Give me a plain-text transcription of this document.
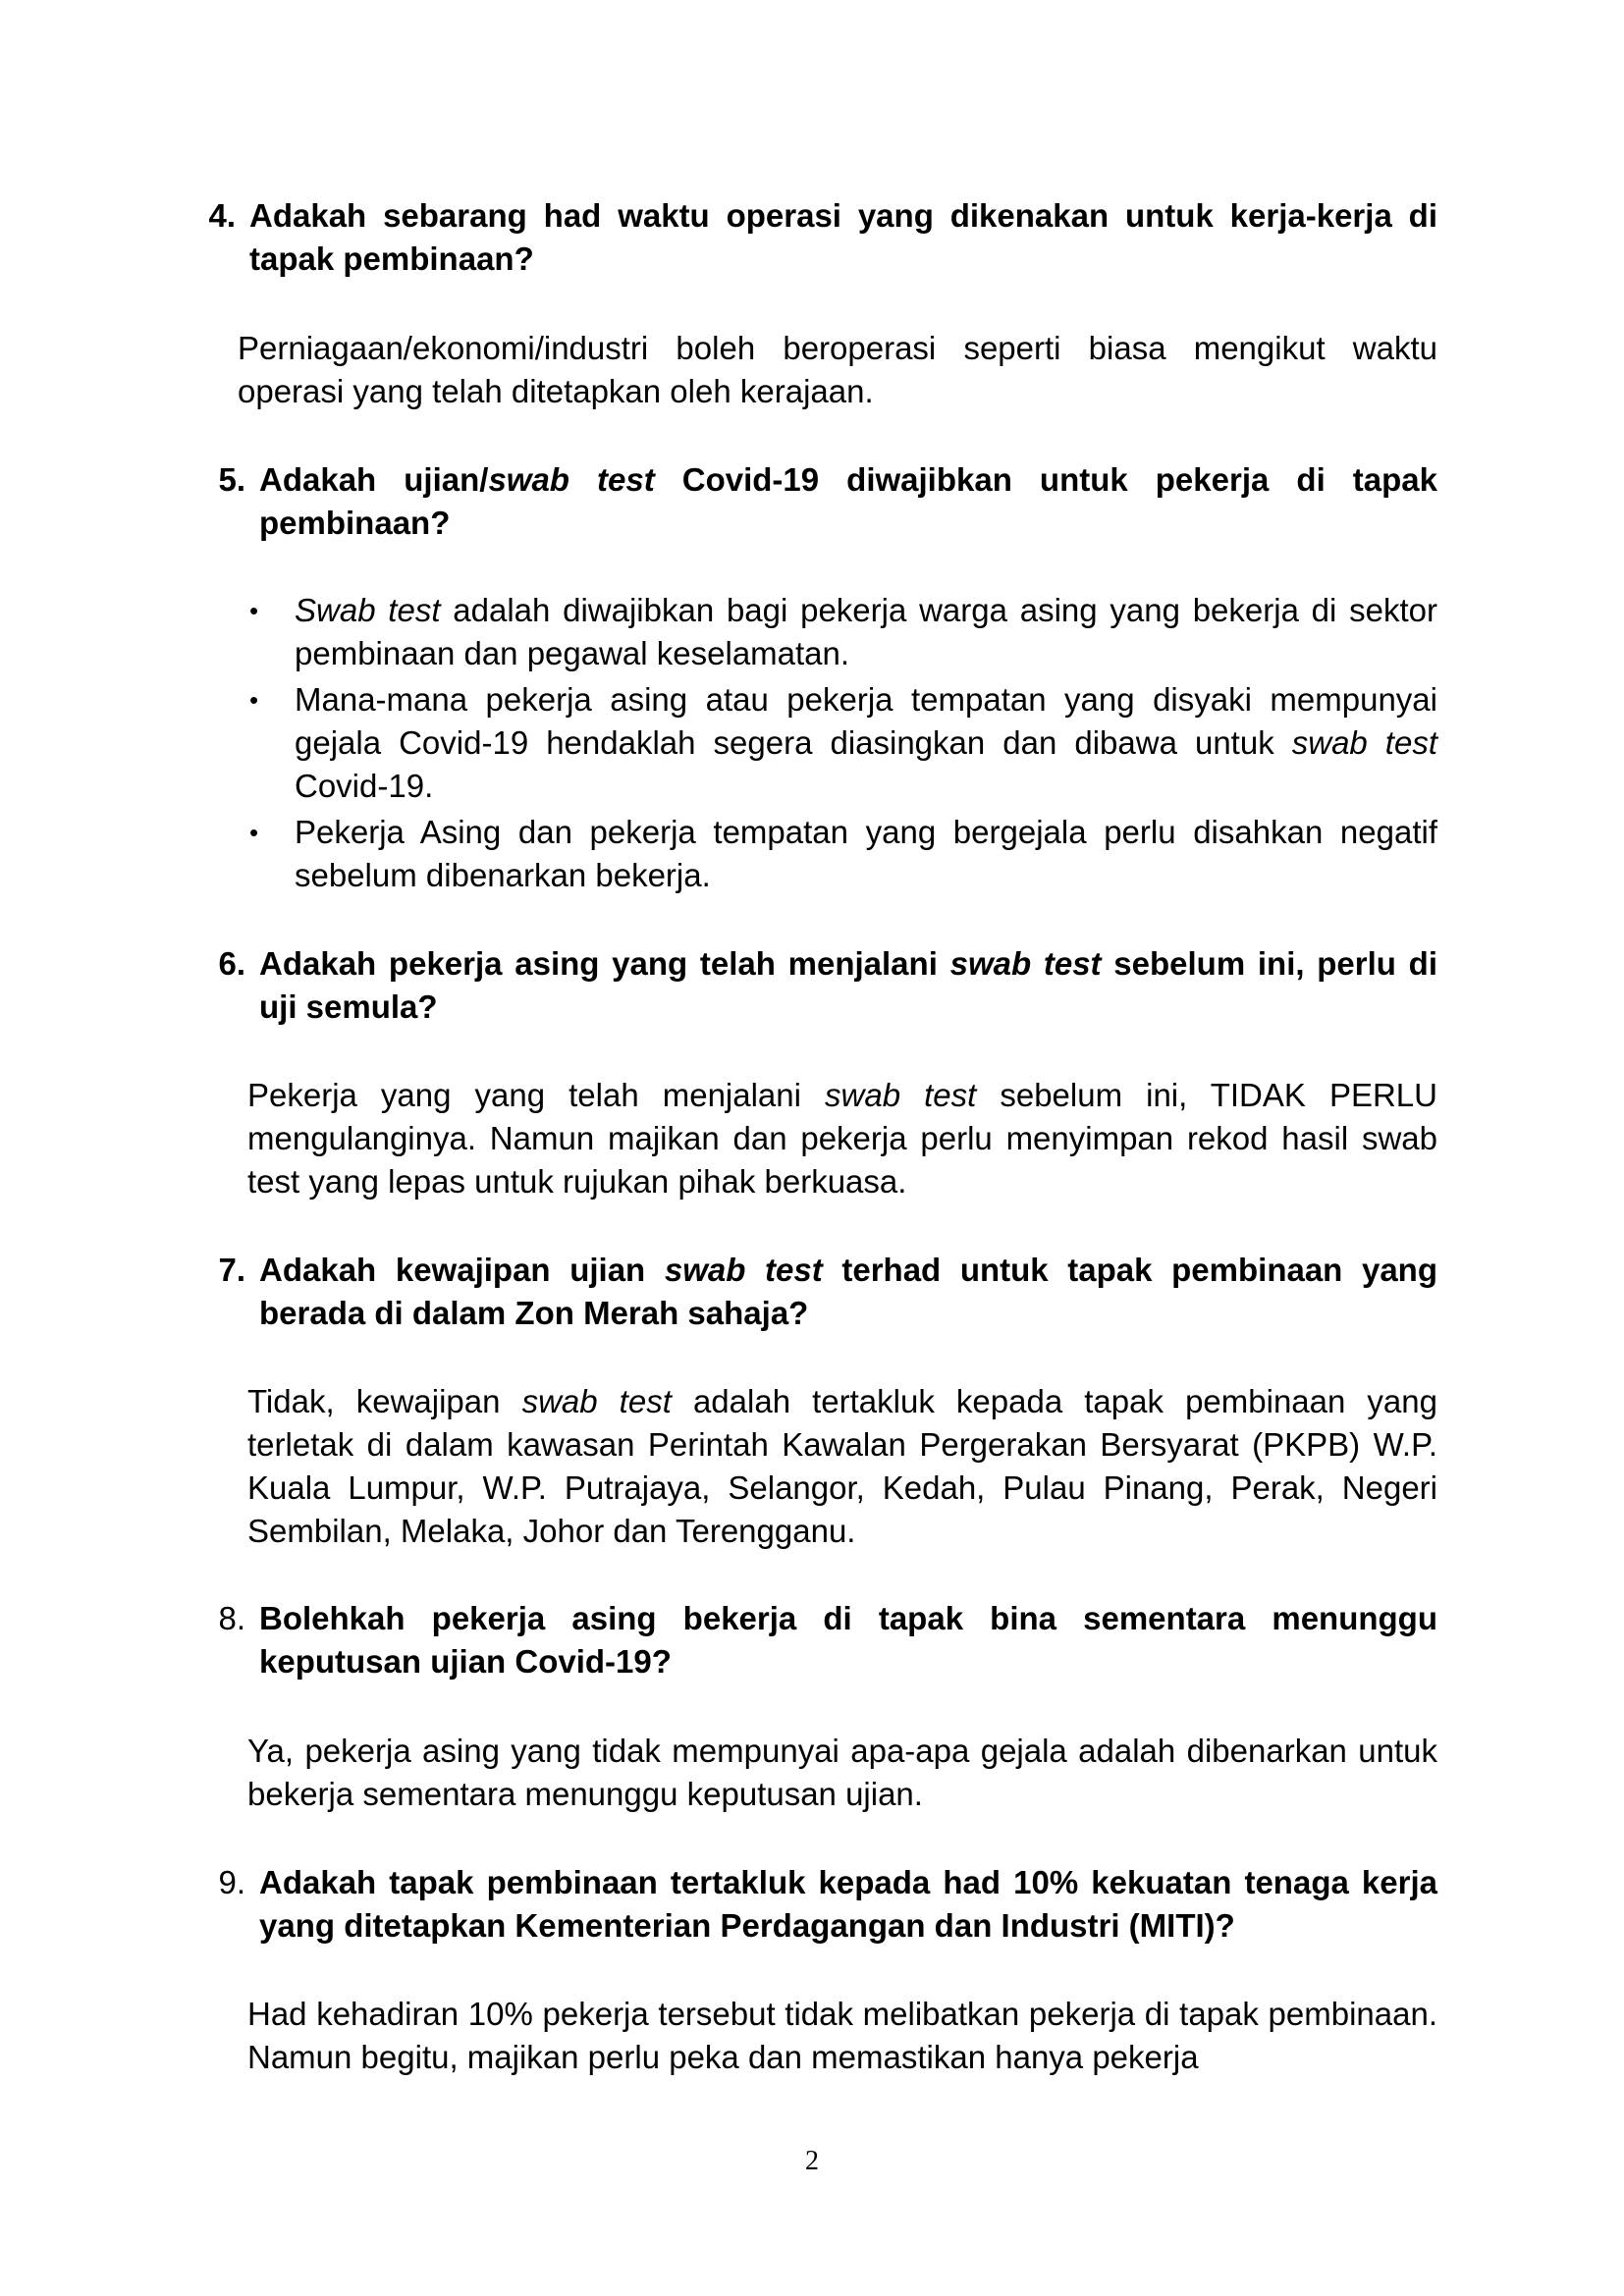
4. Adakah sebarang had waktu operasi yang dikenakan untuk kerja-kerja di tapak pembinaan?
Perniagaan/ekonomi/industri boleh beroperasi seperti biasa mengikut waktu operasi yang telah ditetapkan oleh kerajaan.
5. Adakah ujian/swab test Covid-19 diwajibkan untuk pekerja di tapak pembinaan?
• Swab test adalah diwajibkan bagi pekerja warga asing yang bekerja di sektor pembinaan dan pegawal keselamatan.
• Mana-mana pekerja asing atau pekerja tempatan yang disyaki mempunyai gejala Covid-19 hendaklah segera diasingkan dan dibawa untuk swab test Covid-19.
• Pekerja Asing dan pekerja tempatan yang bergejala perlu disahkan negatif sebelum dibenarkan bekerja.
6. Adakah pekerja asing yang telah menjalani swab test sebelum ini, perlu di uji semula?
Pekerja yang yang telah menjalani swab test sebelum ini, TIDAK PERLU mengulanginya. Namun majikan dan pekerja perlu menyimpan rekod hasil swab test yang lepas untuk rujukan pihak berkuasa.
7. Adakah kewajipan ujian swab test terhad untuk tapak pembinaan yang berada di dalam Zon Merah sahaja?
Tidak, kewajipan swab test adalah tertakluk kepada tapak pembinaan yang terletak di dalam kawasan Perintah Kawalan Pergerakan Bersyarat (PKPB) W.P. Kuala Lumpur, W.P. Putrajaya, Selangor, Kedah, Pulau Pinang, Perak, Negeri Sembilan, Melaka, Johor dan Terengganu.
8. Bolehkah pekerja asing bekerja di tapak bina sementara menunggu keputusan ujian Covid-19?
Ya, pekerja asing yang tidak mempunyai apa-apa gejala adalah dibenarkan untuk bekerja sementara menunggu keputusan ujian.
9. Adakah tapak pembinaan tertakluk kepada had 10% kekuatan tenaga kerja yang ditetapkan Kementerian Perdagangan dan Industri (MITI)?
Had kehadiran 10% pekerja tersebut tidak melibatkan pekerja di tapak pembinaan. Namun begitu, majikan perlu peka dan memastikan hanya pekerja
2
